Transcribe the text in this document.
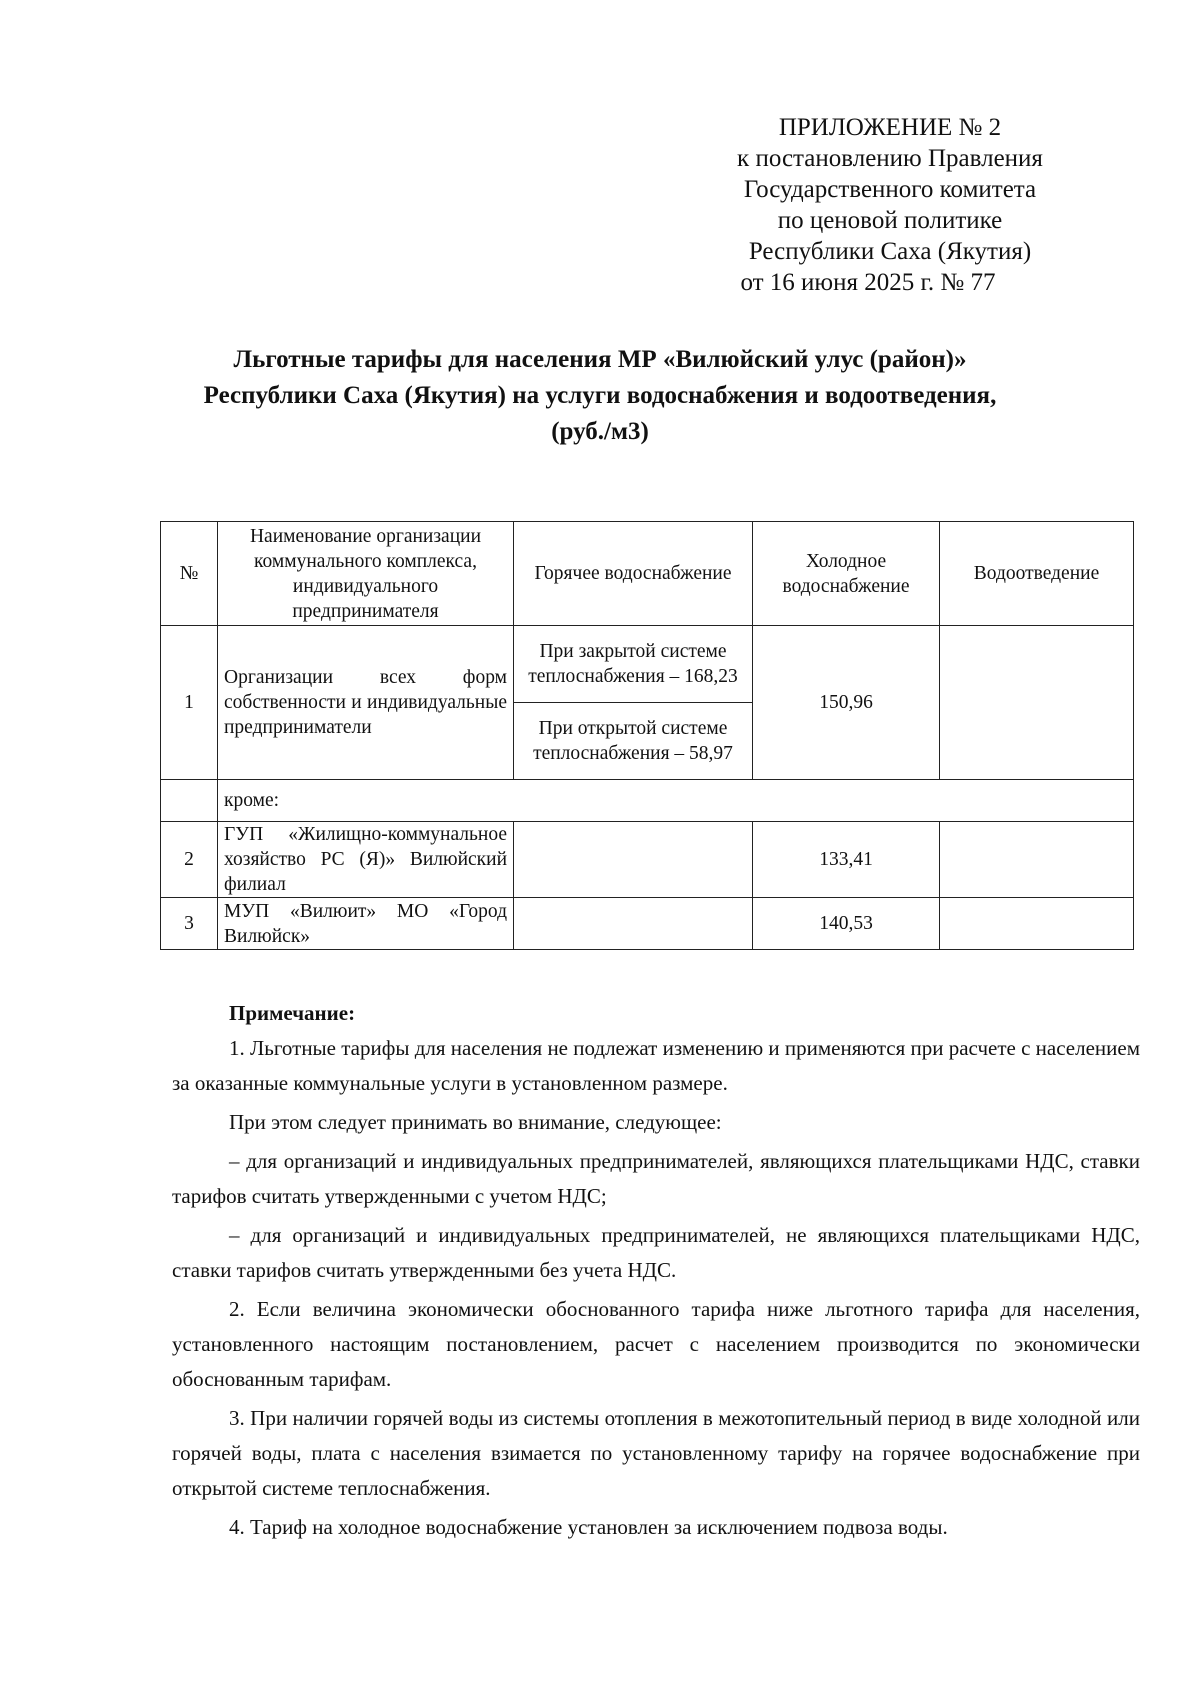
ПРИЛОЖЕНИЕ № 2
к постановлению Правления
Государственного комитета
по ценовой политике
Республики Саха (Якутия)
от 16 июня 2025 г. № 77
Льготные тарифы для населения МР «Вилюйский улус (район)»
Республики Саха (Якутия) на услуги водоснабжения и водоотведения,
(руб./м3)
№	Наименование организации коммунального комплекса, индивидуального предпринимателя	Горячее водоснабжение	Холодное водоснабжение	Водоотведение
1	Организации всех форм собственности и индивидуальные предприниматели	При закрытой системе теплоснабжения – 168,23	150,96	
		При открытой системе теплоснабжения – 58,97		
	кроме:			
2	ГУП «Жилищно-коммунальное хозяйство РС (Я)» Вилюйский филиал		133,41	
3	МУП «Вилюит» МО «Город Вилюйск»		140,53	
Примечание:

1. Льготные тарифы для населения не подлежат изменению и применяются при расчете с населением за оказанные коммунальные услуги в установленном размере.

При этом следует принимать во внимание, следующее:

– для организаций и индивидуальных предпринимателей, являющихся плательщиками НДС, ставки тарифов считать утвержденными с учетом НДС;

– для организаций и индивидуальных предпринимателей, не являющихся плательщиками НДС, ставки тарифов считать утвержденными без учета НДС.

2. Если величина экономически обоснованного тарифа ниже льготного тарифа для населения, установленного настоящим постановлением, расчет с населением производится по экономически обоснованным тарифам.

3. При наличии горячей воды из системы отопления в межотопительный период в виде холодной или горячей воды, плата с населения взимается по установленному тарифу на горячее водоснабжение при открытой системе теплоснабжения.

4. Тариф на холодное водоснабжение установлен за исключением подвоза воды.
